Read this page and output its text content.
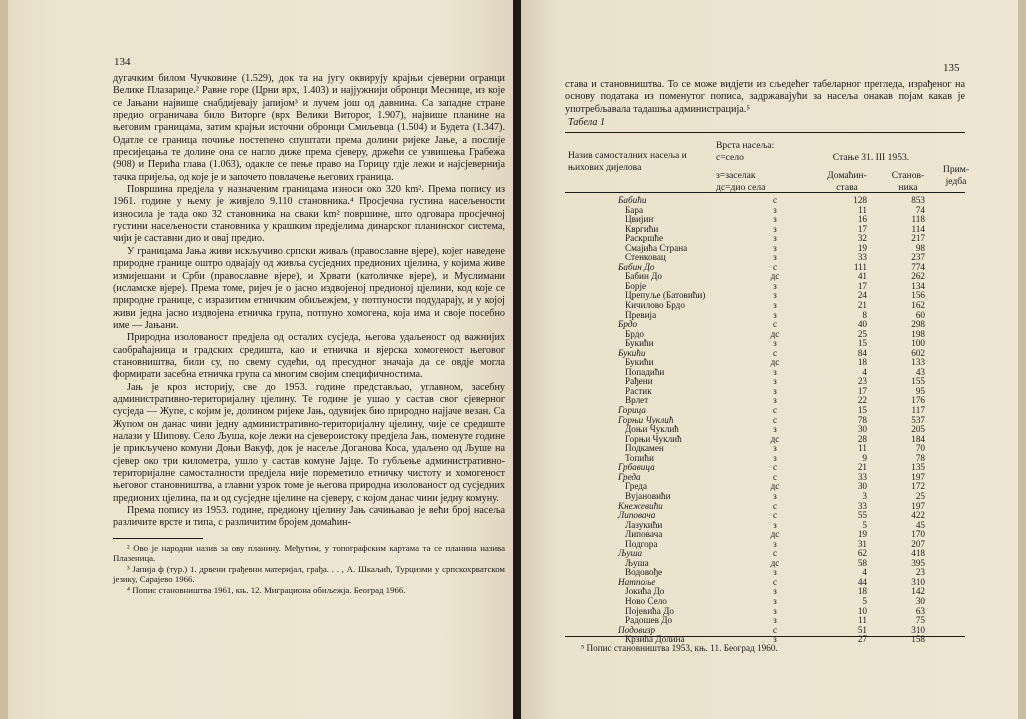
134

дугачким билом Чучковине (1.529), док та на југу оквирују крајњи сјеверни огранци Велике Плазарице.² Равне горе (Црни врх, 1.403) и најјужнији обронци Меснице, из које се Јањани највише снабдијевају јапијом³ и лучем још од давнина. Са западне стране предио ограничава било Виторге (врх Велики Виторог, 1.907), највише планине на његовим границама, затим крајњи источни обронци Смиљевца (1.504) и Будета (1.347). Одатле се граница почиње постепено спуштати према долини ријеке Јање, а послије пресијецања те долине она се нагло диже према сјеверу, држећи се узвишења Грабежа (908) и Перића глава (1.063), одакле се пење право на Горицу гдје лежи и најсјевернија тачка пријеља, од које је и започето повлачење његових граница.

Површина предјела у назначеним границама износи око 320 km². Према попису из 1961. године у њему је живјело 9.110 становника.⁴ Просјечна густина насељености износила је тада око 32 становника на сваки km² површине, што одговара просјечној густини насељености становника у крашким предјелима динарског планинског система, чији је саставни дио и овај предио.

У границама Јања живи искључиво српски живаљ (православне вјере), којег наведене природне границе оштро одвајају од живља сусједних предионих цјелина, у којима живе измијешани и Срби (православне вјере), и Хрвати (католичке вјере), и Муслимани (исламске вјере). Према томе, ријеч је о јасно издвојеној предионој цјелини, код које се природне границе, с изразитим етничким обиљежјем, у потпуности подударају, и у којој живи једна јасно издвојена етничка група, потпуно хомогена, која има и своје посебно име — Јањани.

Природна изолованост предјела од осталих сусједа, његова удаљеност од важнијих саобраћајница и градских средишта, као и етничка и вјерска хомогеност његовог становништва, били су, по свему судећи, од пресудног значаја да се овдје могла формирати засебна етничка група са многим својим специфичностима.

Јањ је кроз историју, све до 1953. године представљао, углавном, засебну административно-територијалну цјелину. Те године је ушао у састав свог сјеверног сусједа — Жупе, с којим је, долином ријеке Јањ, одувијек био природно најјаче везан. Са Жупом он данас чини једну административно-територијалну цјелину, чије се средиште налази у Шипову. Село Љуша, које лежи на сјевероистоку предјела Јањ, поменуте године је прикључено комуни Доњи Вакуф, док је насеље Доганова Коса, удаљено од Љуше на сјевер око три километра, ушло у састав комуне Јајце. То губљење административно-територијалне самосталности предјела није пореметило етничку чистоту и хомогеност његовог становништва, а главни узрок томе је његова природна изолованост од сусједних предионих цјелина, па и од сусједне цјелине на сјеверу, с којом данас чини једну комуну.

Према попису из 1953. године, предиону цјелину Јањ сачињавао је већи број насеља различите врсте и типа, с различитим бројем домаћин-

² Ово је народни назив за ову планину. Међутим, у топографским картама та се планина назива Плазеница.

³ Јапија ф (тур.) 1. дрвени грађевни материјал, грађа. . . , А. Шкаљић, Турцизми у српскохрватском језику, Сарајево 1966.

⁴ Попис становништва 1961, књ. 12. Миграциона обиљежја. Београд 1966.

135
става и становништва. То се може видјети из сљедећег табеларног прегледа, израђеног на основу података из поменутог пописа, задржавајући за насеља онакав појам какав је употребљавала тадашња администрација.⁵
Табела 1
Назив самосталних насеља и њихових дијелова
Врста насеља:
с=село
з=заселак
дс=дио села
Стање 31. III 1953.
Домаћин-става
Станов-ника
Прим-једба
Бабићи	с	128	853
Бара	з	11	74
Цвијин	з	16	118
Квргићи	з	17	114
Раскршће	з	32	217
Смајића Страна	з	19	98
Стенковац	з	33	237
Бабин До	с	111	774
Бабин До	дс	41	262
Борје	з	17	134
Црепуље (Батовићи)	з	24	156
Кичилово Брдо	з	21	162
Превија	з	8	60
Брдо	с	40	298
Брдо	дс	25	198
Букићи	з	15	100
Букићи	с	84	602
Букићи	дс	18	133
Попадићи	з	4	43
Рађени	з	23	155
Растик	з	17	95
Врлет	з	22	176
Горица	с	15	117
Горњи Чуклић	с	78	537
Доњи Чуклић	з	30	205
Горњи Чуклић	дс	28	184
Подкамен	з	11	70
Топићи	з	9	78
Грбавица	с	21	135
Греда	с	33	197
Греда	дс	30	172
Вујановићи	з	3	25
Кнежевићи	с	33	197
Липовача	с	55	422
Лазукићи	з	5	45
Липовача	дс	19	170
Подгора	з	31	207
Љуша	с	62	418
Љуша	дс	58	395
Водовође	з	4	23
Натпоље	с	44	310
Јокића До	з	18	142
Ново Село	з	5	30
Појевића До	з	10	63
Радошев До	з	11	75
Подовизр	с	51	310
Крзића Долина	з	27	158
⁵ Попис становништва 1953, књ. 11. Београд 1960.
